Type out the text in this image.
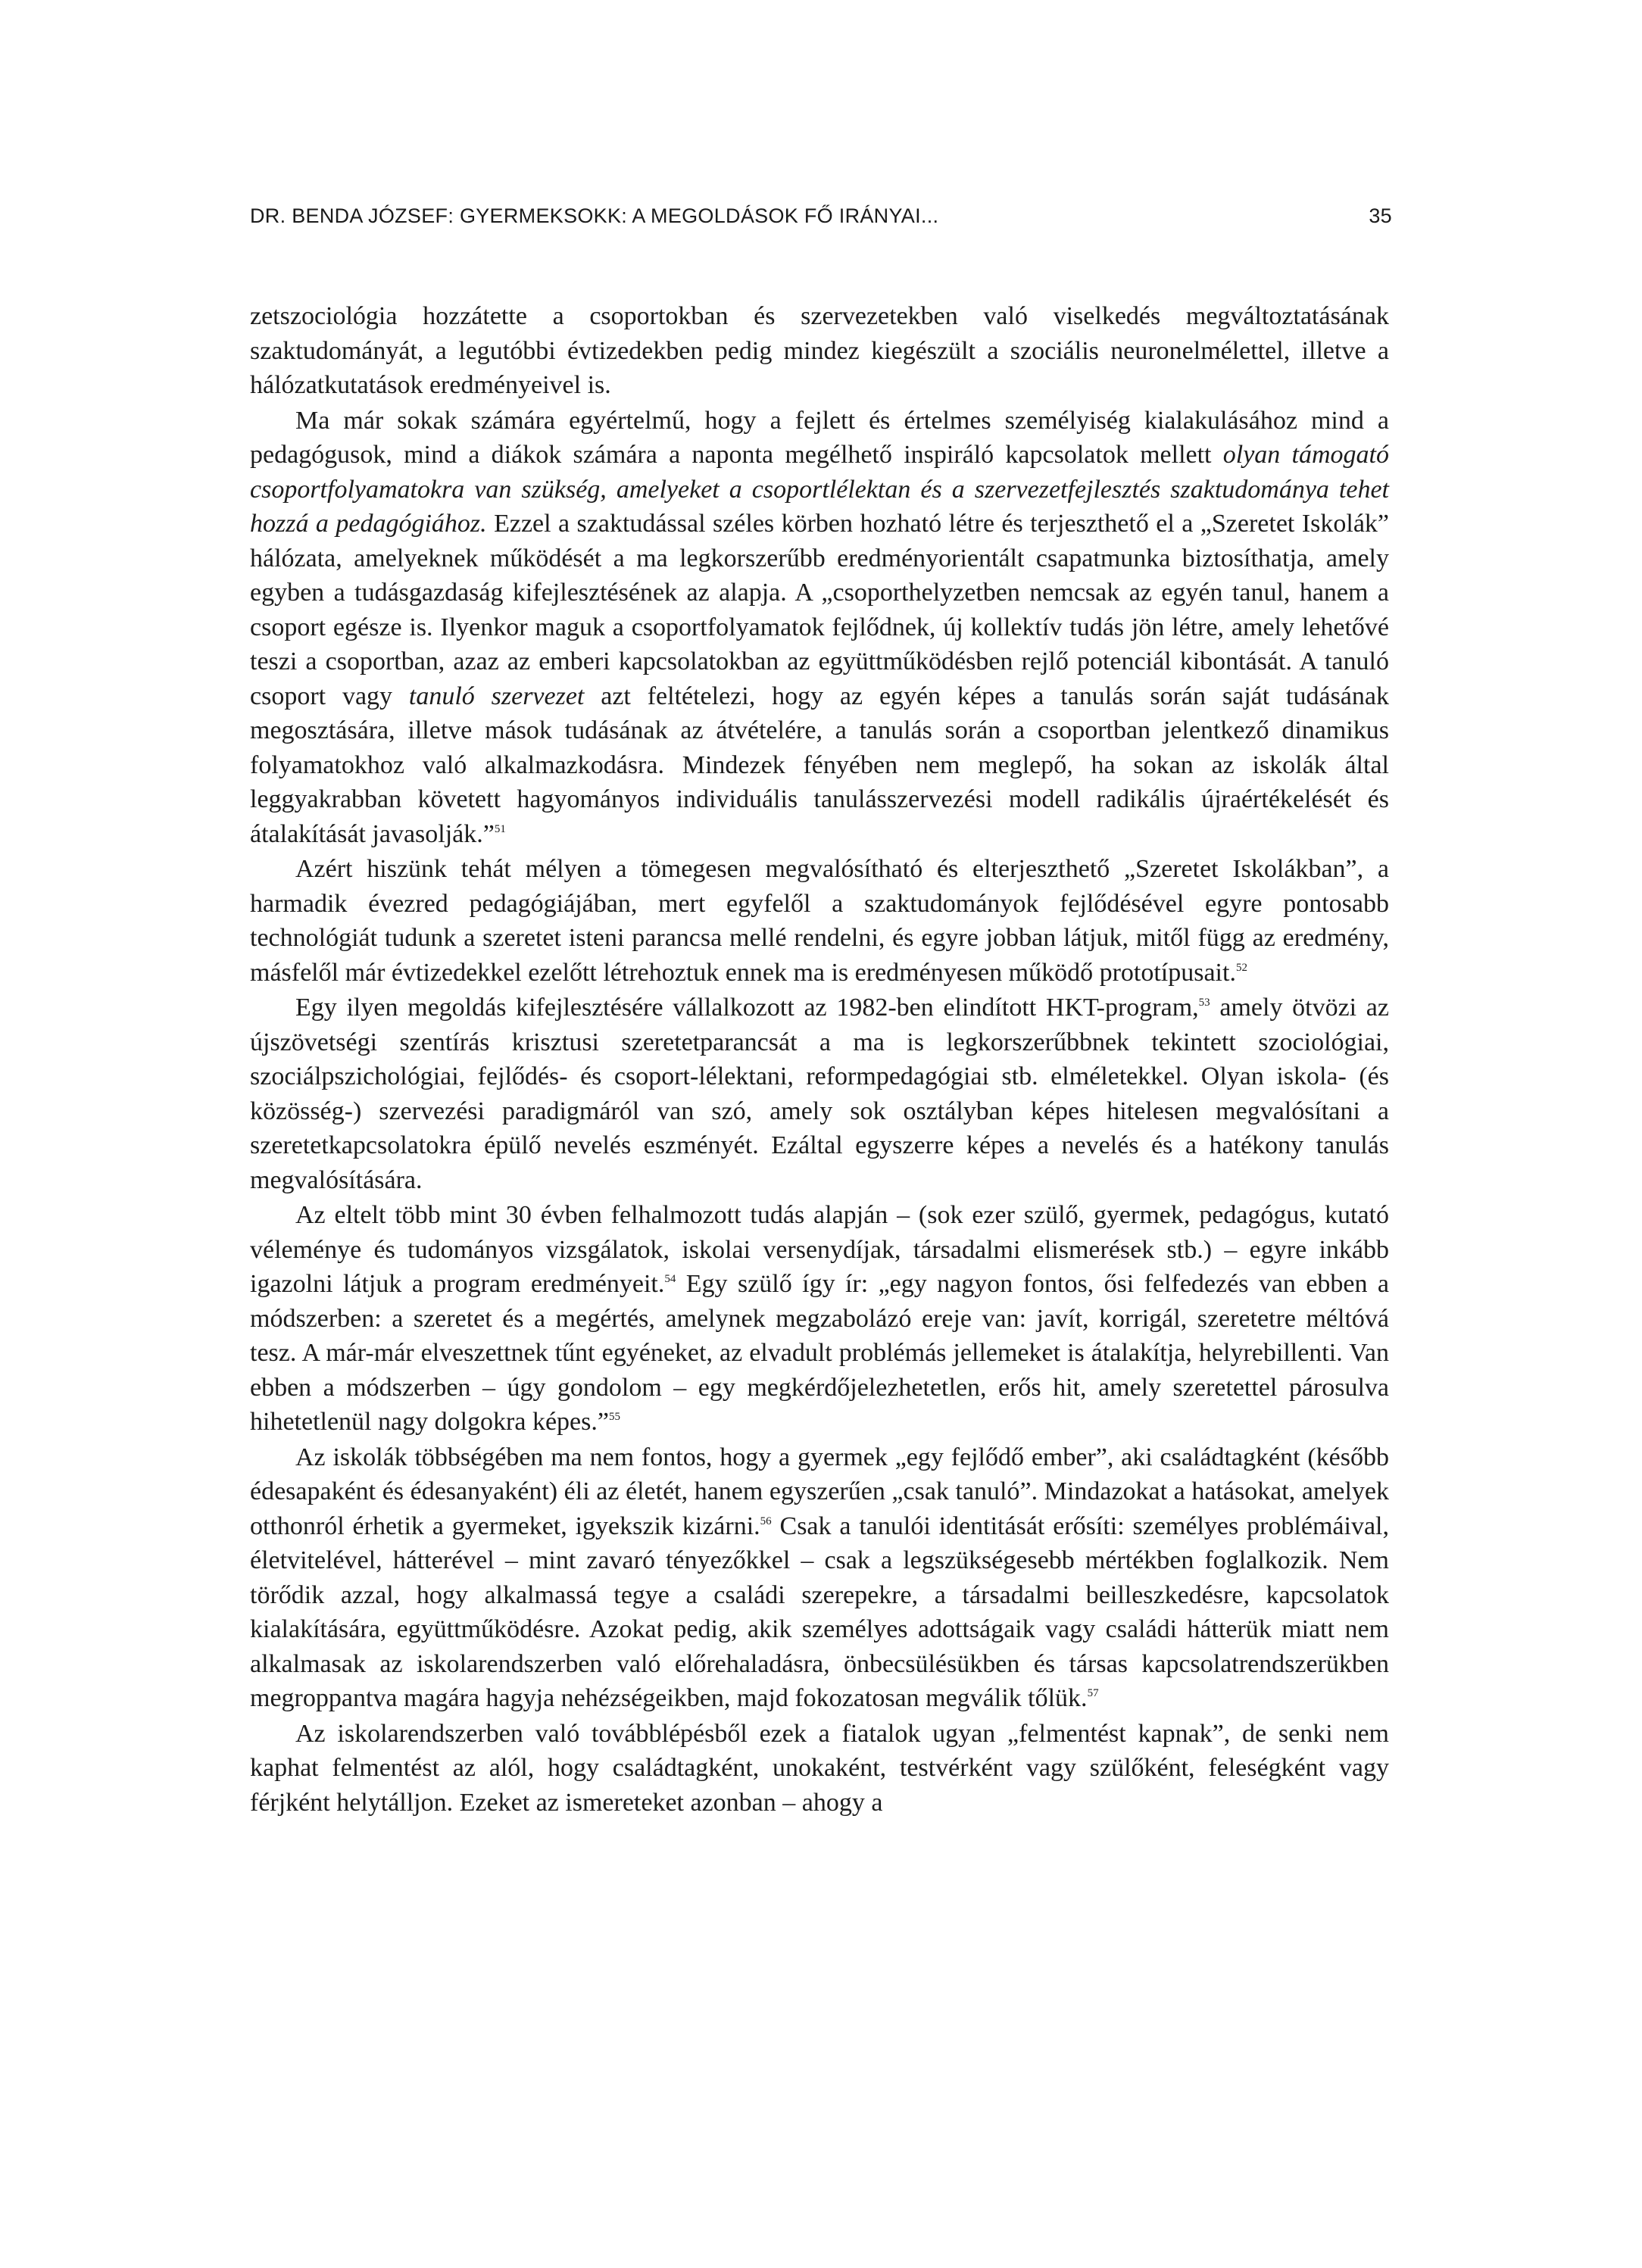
DR. BENDA JÓZSEF: GYERMEKSOKK: A MEGOLDÁSOK FŐ IRÁNYAI...	35

zetszociológia hozzátette a csoportokban és szervezetekben való viselkedés megváltoztatásának szaktudományát, a legutóbbi évtizedekben pedig mindez kiegészült a szociális neuronelmélettel, illetve a hálózatkutatások eredményeivel is.

Ma már sokak számára egyértelmű, hogy a fejlett és értelmes személyiség kialakulásához mind a pedagógusok, mind a diákok számára a naponta megélhető inspiráló kapcsolatok mellett olyan támogató csoportfolyamatokra van szükség, amelyeket a csoportlélektan és a szervezetfejlesztés szaktudománya tehet hozzá a pedagógiához. Ezzel a szaktudással széles körben hozható létre és terjeszthető el a „Szeretet Iskolák” hálózata, amelyeknek működését a ma legkorszerűbb eredményorientált csapatmunka biztosíthatja, amely egyben a tudásgazdaság kifejlesztésének az alapja. A „csoporthelyzetben nemcsak az egyén tanul, hanem a csoport egésze is. Ilyenkor maguk a csoportfolyamatok fejlődnek, új kollektív tudás jön létre, amely lehetővé teszi a csoportban, azaz az emberi kapcsolatokban az együttműködésben rejlő potenciál kibontását. A tanuló csoport vagy tanuló szervezet azt feltételezi, hogy az egyén képes a tanulás során saját tudásának megosztására, illetve mások tudásának az átvételére, a tanulás során a csoportban jelentkező dinamikus folyamatokhoz való alkalmazkodásra. Mindezek fényében nem meglepő, ha sokan az iskolák által leggyakrabban követett hagyományos individuális tanulásszervezési modell radikális újraértékelését és átalakítását javasolják.”$^{51}$

Azért hiszünk tehát mélyen a tömegesen megvalósítható és elterjeszthető „Szeretet Iskolákban”, a harmadik évezred pedagógiájában, mert egyfelől a szaktudományok fejlődésével egyre pontosabb technológiát tudunk a szeretet isteni parancsa mellé rendelni, és egyre jobban látjuk, mitől függ az eredmény, másfelől már évtizedekkel ezelőtt létrehoztuk ennek ma is eredményesen működő prototípusait.$^{52}$

Egy ilyen megoldás kifejlesztésére vállalkozott az 1982-ben elindított HKT-program,$^{53}$ amely ötvözi az újszövetségi szentírás krisztusi szeretetparancsát a ma is legkorszerűbbnek tekintett szociológiai, szociálpszichológiai, fejlődés- és csoport-lélektani, reformpedagógiai stb. elméletekkel. Olyan iskola- (és közösség-) szervezési paradigmáról van szó, amely sok osztályban képes hitelesen megvalósítani a szeretetkapcsolatokra épülő nevelés eszményét. Ezáltal egyszerre képes a nevelés és a hatékony tanulás megvalósítására.

Az eltelt több mint 30 évben felhalmozott tudás alapján – (sok ezer szülő, gyermek, pedagógus, kutató véleménye és tudományos vizsgálatok, iskolai versenydíjak, társadalmi elismerések stb.) – egyre inkább igazolni látjuk a program eredményeit.$^{54}$ Egy szülő így ír: „egy nagyon fontos, ősi felfedezés van ebben a módszerben: a szeretet és a megértés, amelynek megzabolázó ereje van: javít, korrigál, szeretetre méltóvá tesz. A már-már elveszettnek tűnt egyéneket, az elvadult problémás jellemeket is átalakítja, helyrebillenti. Van ebben a módszerben – úgy gondolom – egy megkérdőjelezhetetlen, erős hit, amely szeretettel párosulva hihetetlenül nagy dolgokra képes.”$^{55}$

Az iskolák többségében ma nem fontos, hogy a gyermek „egy fejlődő ember”, aki családtagként (később édesapaként és édesanyaként) éli az életét, hanem egyszerűen „csak tanuló”. Mindazokat a hatásokat, amelyek otthonról érhetik a gyermeket, igyekszik kizárni.$^{56}$ Csak a tanulói identitását erősíti: személyes problémáival, életvitelével, hátterével – mint zavaró tényezőkkel – csak a legszükségesebb mértékben foglalkozik. Nem törődik azzal, hogy alkalmassá tegye a családi szerepekre, a társadalmi beilleszkedésre, kapcsolatok kialakítására, együttműködésre. Azokat pedig, akik személyes adottságaik vagy családi hátterük miatt nem alkalmasak az iskolarendszerben való előrehaladásra, önbecsülésükben és társas kapcsolatrendszerükben megroppantva magára hagyja nehézségeikben, majd fokozatosan megválik tőlük.$^{57}$

Az iskolarendszerben való továbblépésből ezek a fiatalok ugyan „felmentést kapnak”, de senki nem kaphat felmentést az alól, hogy családtagként, unokaként, testvérként vagy szülőként, feleségként vagy férjként helytálljon. Ezeket az ismereteket azonban – ahogy a
